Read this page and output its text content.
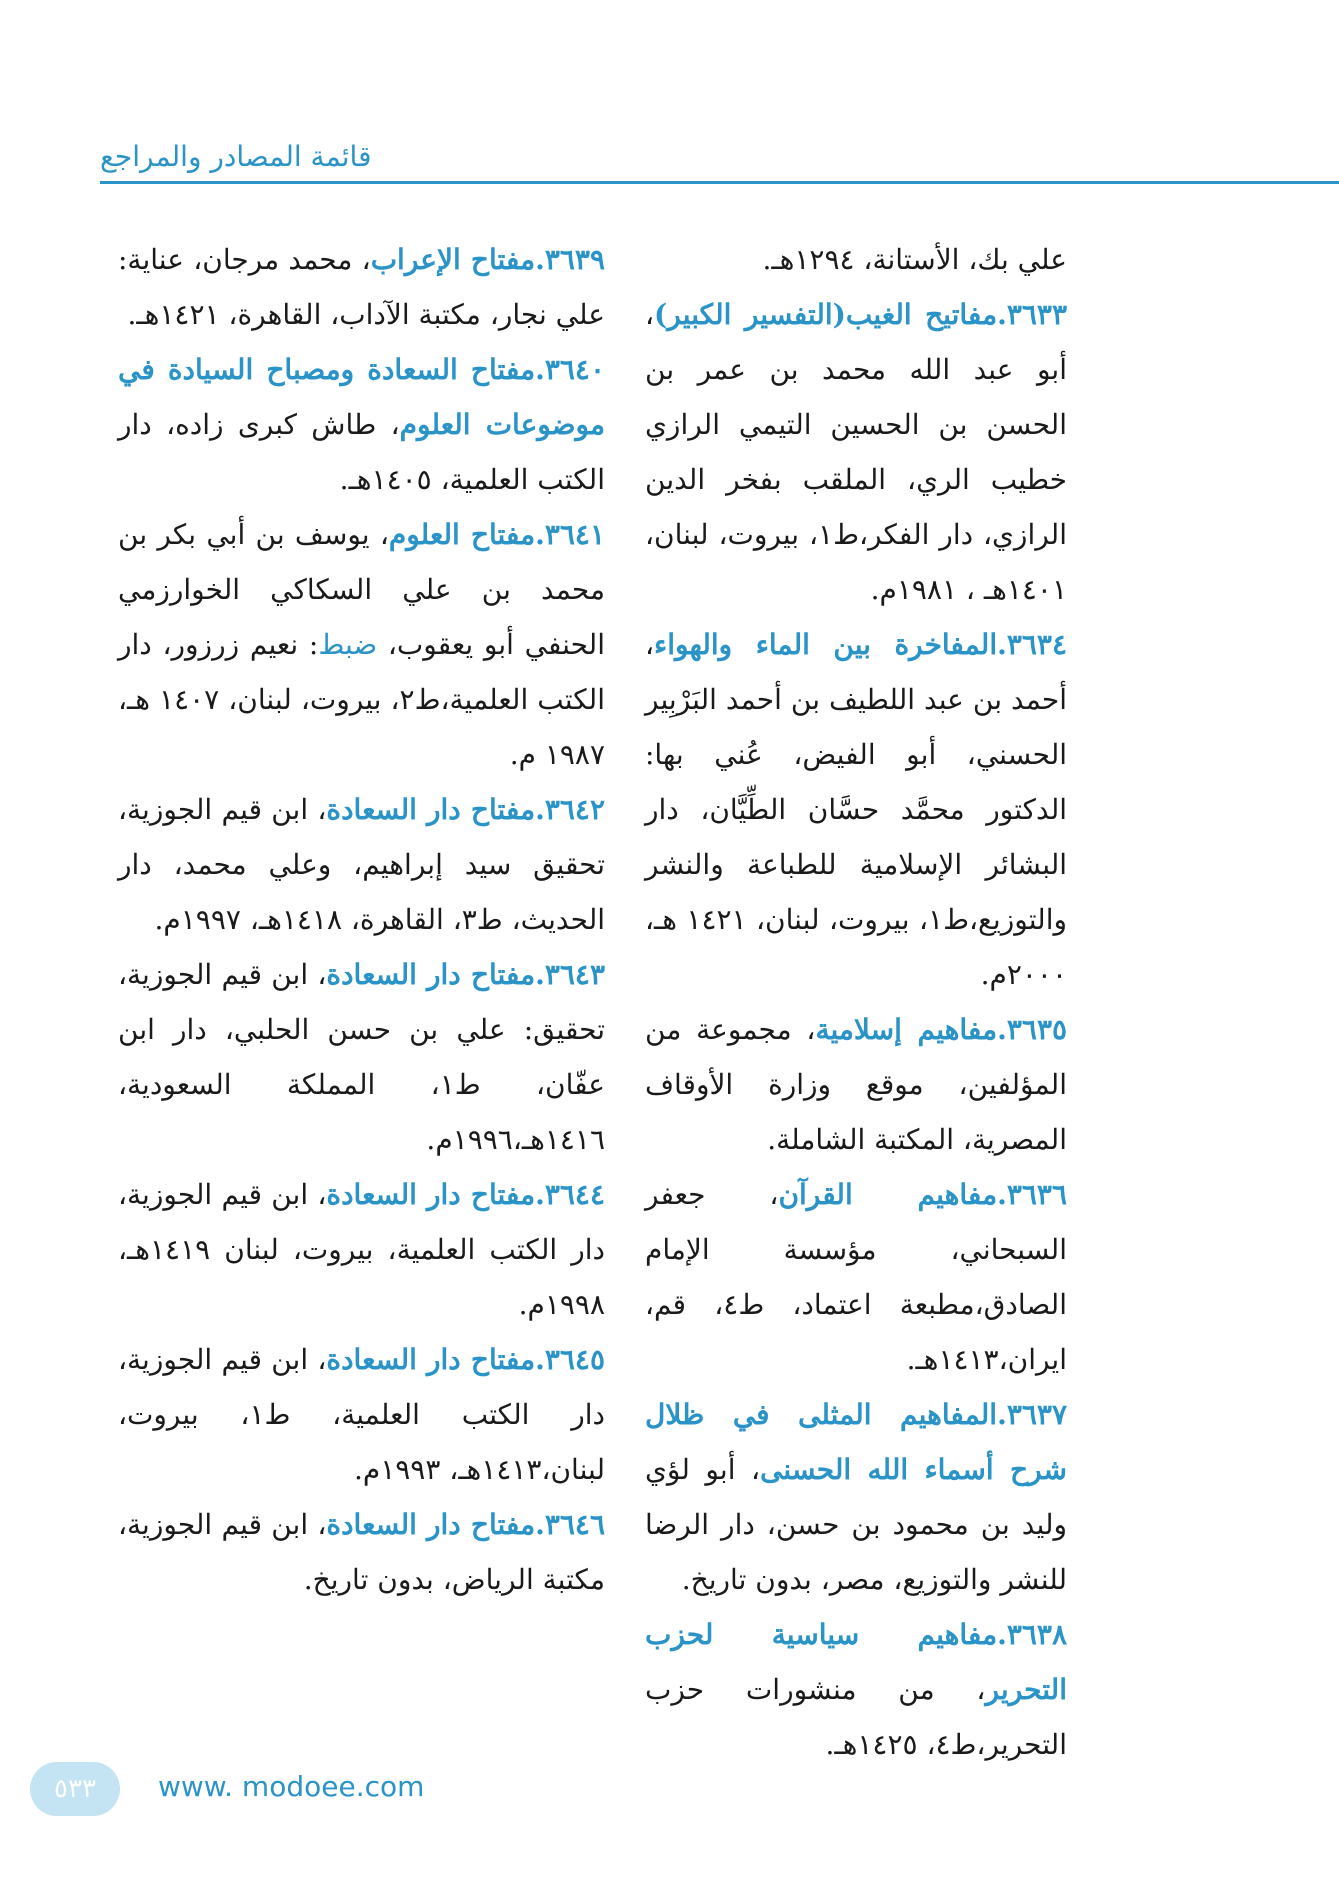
قائمة المصادر والمراجع

علي بك، الأستانة، ١٢٩٤هـ.

٣٦٣٣.مفاتيح الغيب(التفسير الكبير)، أبو عبد الله محمد بن عمر بن الحسن بن الحسين التيمي الرازي خطيب الري، الملقب بفخر الدين الرازي، دار الفكر،ط١، بيروت، لبنان، ١٤٠١هـ ، ١٩٨١م.

٣٦٣٤.المفاخرة بين الماء والهواء، أحمد بن عبد اللطيف بن أحمد البَرْبِير الحسني، أبو الفيض، عُني بها: الدكتور محمَّد حسَّان الطِّيَّان، دار البشائر الإسلامية للطباعة والنشر والتوزيع،ط١، بيروت، لبنان، ١٤٢١ هـ، ٢٠٠٠م.

٣٦٣٥.مفاهيم إسلامية، مجموعة من المؤلفين، موقع وزارة الأوقاف المصرية، المكتبة الشاملة.

٣٦٣٦.مفاهيم القرآن، جعفر السبحاني، مؤسسة الإمام الصادق،مطبعة اعتماد، ط٤، قم، ايران،١٤١٣هـ.

٣٦٣٧.المفاهيم المثلى في ظلال شرح أسماء الله الحسنى، أبو لؤي وليد بن محمود بن حسن، دار الرضا للنشر والتوزيع، مصر، بدون تاريخ.

٣٦٣٨.مفاهيم سياسية لحزب التحرير، من منشورات حزب التحرير،ط٤، ١٤٢٥هـ.

٣٦٣٩.مفتاح الإعراب، محمد مرجان، عناية: علي نجار، مكتبة الآداب، القاهرة، ١٤٢١هـ.

٣٦٤٠.مفتاح السعادة ومصباح السيادة في موضوعات العلوم، طاش كبرى زاده، دار الكتب العلمية، ١٤٠٥هـ.

٣٦٤١.مفتاح العلوم، يوسف بن أبي بكر بن محمد بن علي السكاكي الخوارزمي الحنفي أبو يعقوب، ضبط: نعيم زرزور، دار الكتب العلمية،ط٢، بيروت، لبنان، ١٤٠٧ هـ، ١٩٨٧ م.

٣٦٤٢.مفتاح دار السعادة، ابن قيم الجوزية، تحقيق سيد إبراهيم، وعلي محمد، دار الحديث، ط٣، القاهرة، ١٤١٨هـ، ١٩٩٧م.

٣٦٤٣.مفتاح دار السعادة، ابن قيم الجوزية، تحقيق: علي بن حسن الحلبي، دار ابن عفّان، ط١، المملكة السعودية، ١٤١٦هـ،١٩٩٦م.

٣٦٤٤.مفتاح دار السعادة، ابن قيم الجوزية، دار الكتب العلمية، بيروت، لبنان ١٤١٩هـ، ١٩٩٨م.

٣٦٤٥.مفتاح دار السعادة، ابن قيم الجوزية، دار الكتب العلمية، ط١، بيروت، لبنان،١٤١٣هـ، ١٩٩٣م.

٣٦٤٦.مفتاح دار السعادة، ابن قيم الجوزية، مكتبة الرياض، بدون تاريخ.

٥٣٣	www. modoee.com
